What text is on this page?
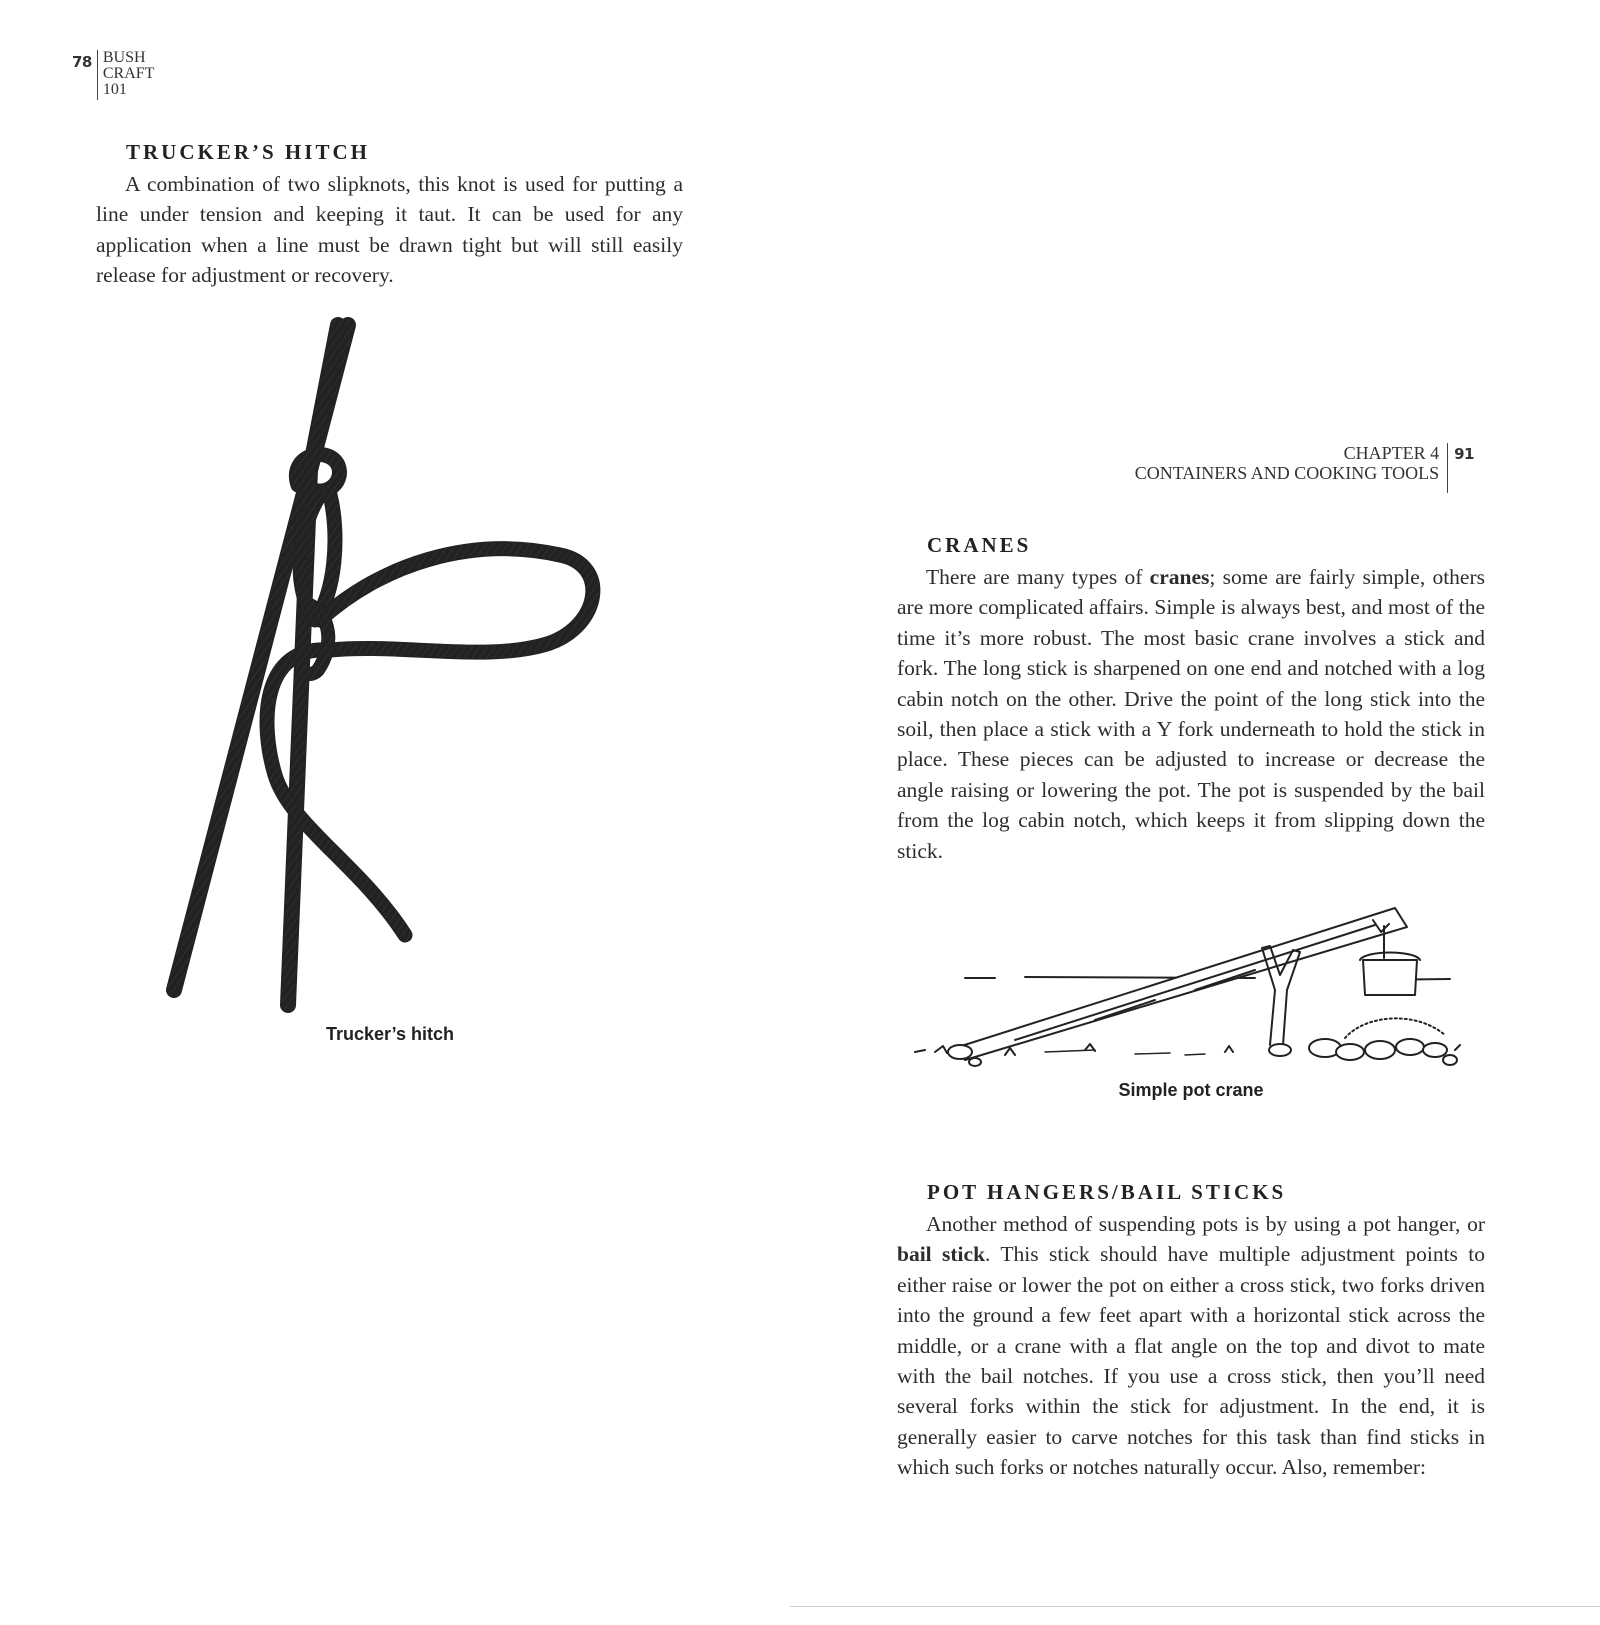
78 BUSH
CRAFT
101
TRUCKER’S HITCH

A combination of two slipknots, this knot is used for putting a line under tension and keeping it taut. It can be used for any application when a line must be drawn tight but will still easily release for adjustment or recovery.

Trucker’s hitch
CHAPTER 4
CONTAINERS AND COOKING TOOLS
91
CRANES

There are many types of cranes; some are fairly simple, others are more complicated affairs. Simple is always best, and most of the time it’s more robust. The most basic crane involves a stick and fork. The long stick is sharpened on one end and notched with a log cabin notch on the other. Drive the point of the long stick into the soil, then place a stick with a Y fork underneath to hold the stick in place. These pieces can be adjusted to increase or decrease the angle raising or lowering the pot. The pot is suspended by the bail from the log cabin notch, which keeps it from slipping down the stick.

Simple pot crane
POT HANGERS/BAIL STICKS

Another method of suspending pots is by using a pot hanger, or bail stick. This stick should have multiple adjustment points to either raise or lower the pot on either a cross stick, two forks driven into the ground a few feet apart with a horizontal stick across the middle, or a crane with a flat angle on the top and divot to mate with the bail notches. If you use a cross stick, then you’ll need several forks within the stick for adjustment. In the end, it is generally easier to carve notches for this task than find sticks in which such forks or notches naturally occur. Also, remember:
